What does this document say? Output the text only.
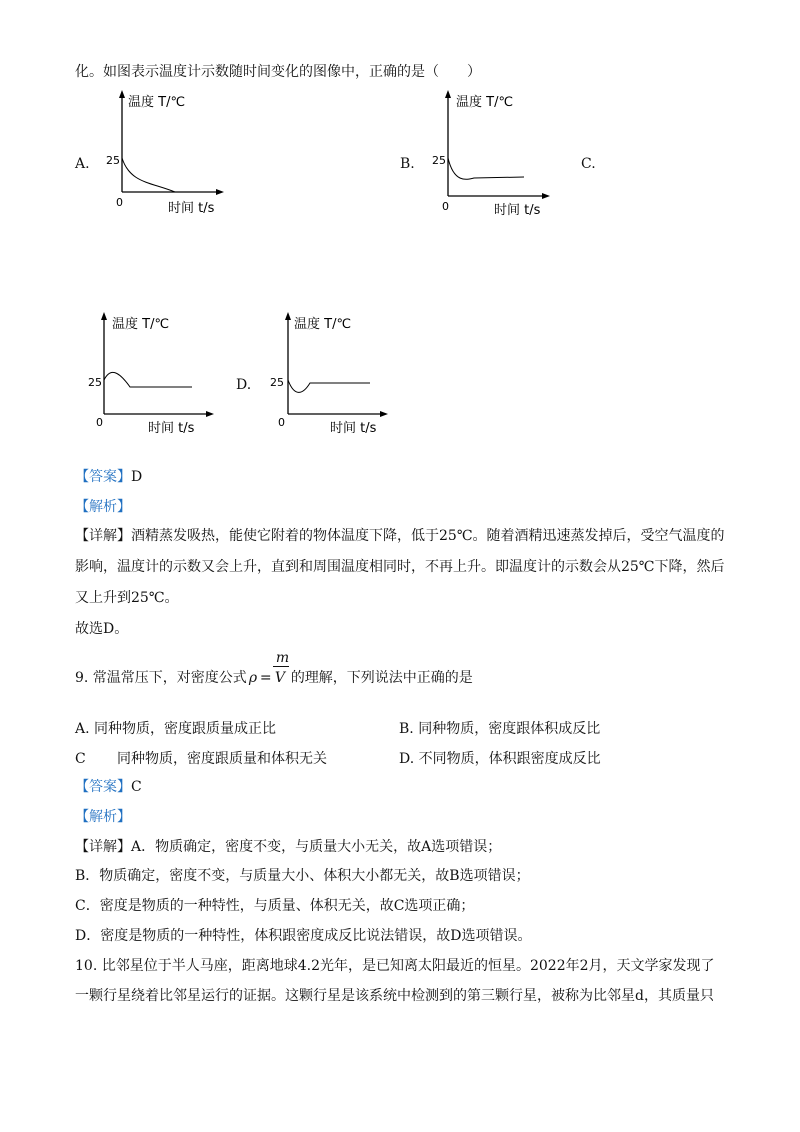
化。如图表示温度计示数随时间变化的图像中，正确的是（　　）
A.
温度 T/℃
25
0	时间 t/s
B.
温度 T/℃
25
0	时间 t/s
C.
温度 T/℃
25
0	时间 t/s
D.
温度 T/℃
25
0	时间 t/s
【答案】D
【解析】
【详解】酒精蒸发吸热，能使它附着的物体温度下降，低于25℃。随着酒精迅速蒸发掉后，受空气温度的
影响，温度计的示数又会上升，直到和周围温度相同时，不再上升。即温度计的示数会从25℃下降，然后
又上升到25℃。
故选D。
9. 常温常压下，对密度公式 ρ =
m
V 的理解，下列说法中正确的是
A. 同种物质，密度跟质量成正比	B. 同种物质，密度跟体积成反比
C 同种物质，密度跟质量和体积无关	D. 不同物质，体积跟密度成反比
【答案】C
【解析】
【详解】A．物质确定，密度不变，与质量大小无关，故A选项错误；
B．物质确定，密度不变，与质量大小、体积大小都无关，故B选项错误；
C．密度是物质的一种特性，与质量、体积无关，故C选项正确；
D．密度是物质的一种特性，体积跟密度成反比说法错误，故D选项错误。
10. 比邻星位于半人马座，距离地球4.2光年，是已知离太阳最近的恒星。2022年2月，天文学家发现了
一颗行星绕着比邻星运行的证据。这颗行星是该系统中检测到的第三颗行星，被称为比邻星d，其质量只
